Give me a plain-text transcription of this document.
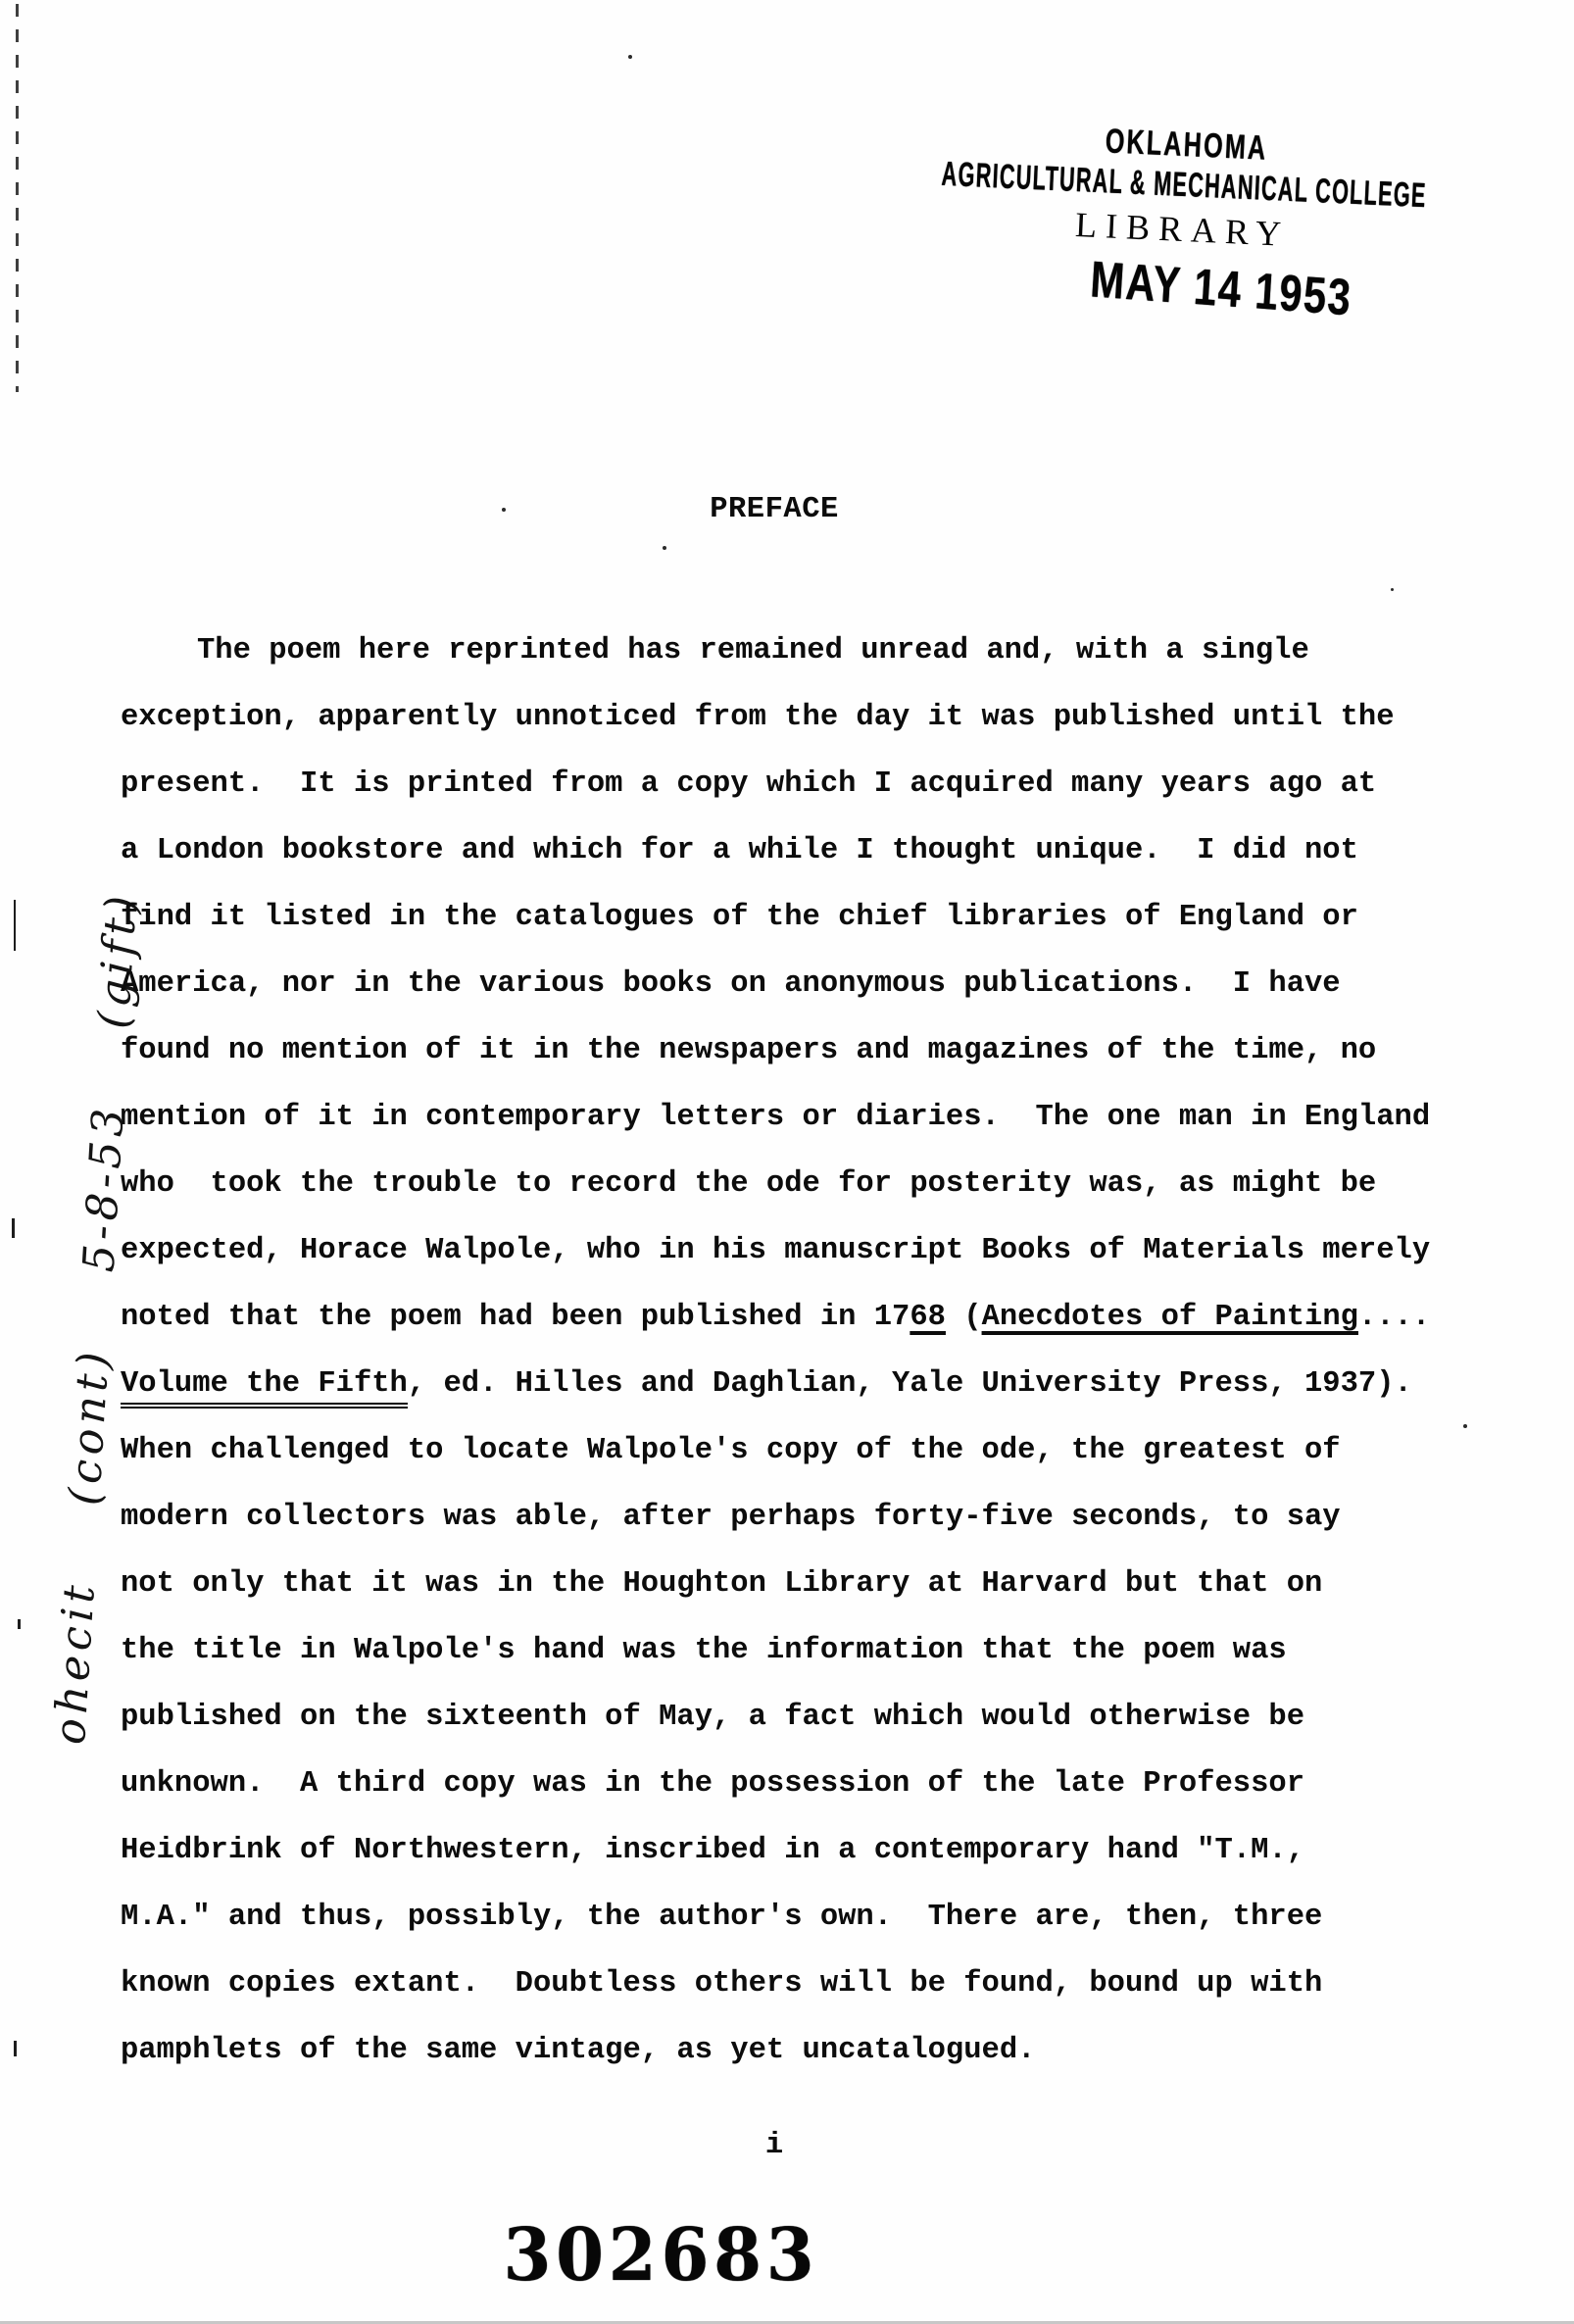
OKLAHOMA
AGRICULTURAL & MECHANICAL COLLEGE
LIBRARY
MAY 14 1953
ohecit (cont) 5-8-53 (gift)
PREFACE
The poem here reprinted has remained unread and, with a single
exception, apparently unnoticed from the day it was published until the
present.  It is printed from a copy which I acquired many years ago at
a London bookstore and which for a while I thought unique.  I did not
find it listed in the catalogues of the chief libraries of England or
America, nor in the various books on anonymous publications.  I have
found no mention of it in the newspapers and magazines of the time, no
mention of it in contemporary letters or diaries.  The one man in England
who  took the trouble to record the ode for posterity was, as might be
expected, Horace Walpole, who in his manuscript Books of Materials merely
noted that the poem had been published in 1768 (Anecdotes of Painting....
Volume the Fifth, ed. Hilles and Daghlian, Yale University Press, 1937).
When challenged to locate Walpole's copy of the ode, the greatest of
modern collectors was able, after perhaps forty-five seconds, to say
not only that it was in the Houghton Library at Harvard but that on
the title in Walpole's hand was the information that the poem was
published on the sixteenth of May, a fact which would otherwise be
unknown.  A third copy was in the possession of the late Professor
Heidbrink of Northwestern, inscribed in a contemporary hand "T.M.,
M.A." and thus, possibly, the author's own.  There are, then, three
known copies extant.  Doubtless others will be found, bound up with
pamphlets of the same vintage, as yet uncatalogued.
i
302683
